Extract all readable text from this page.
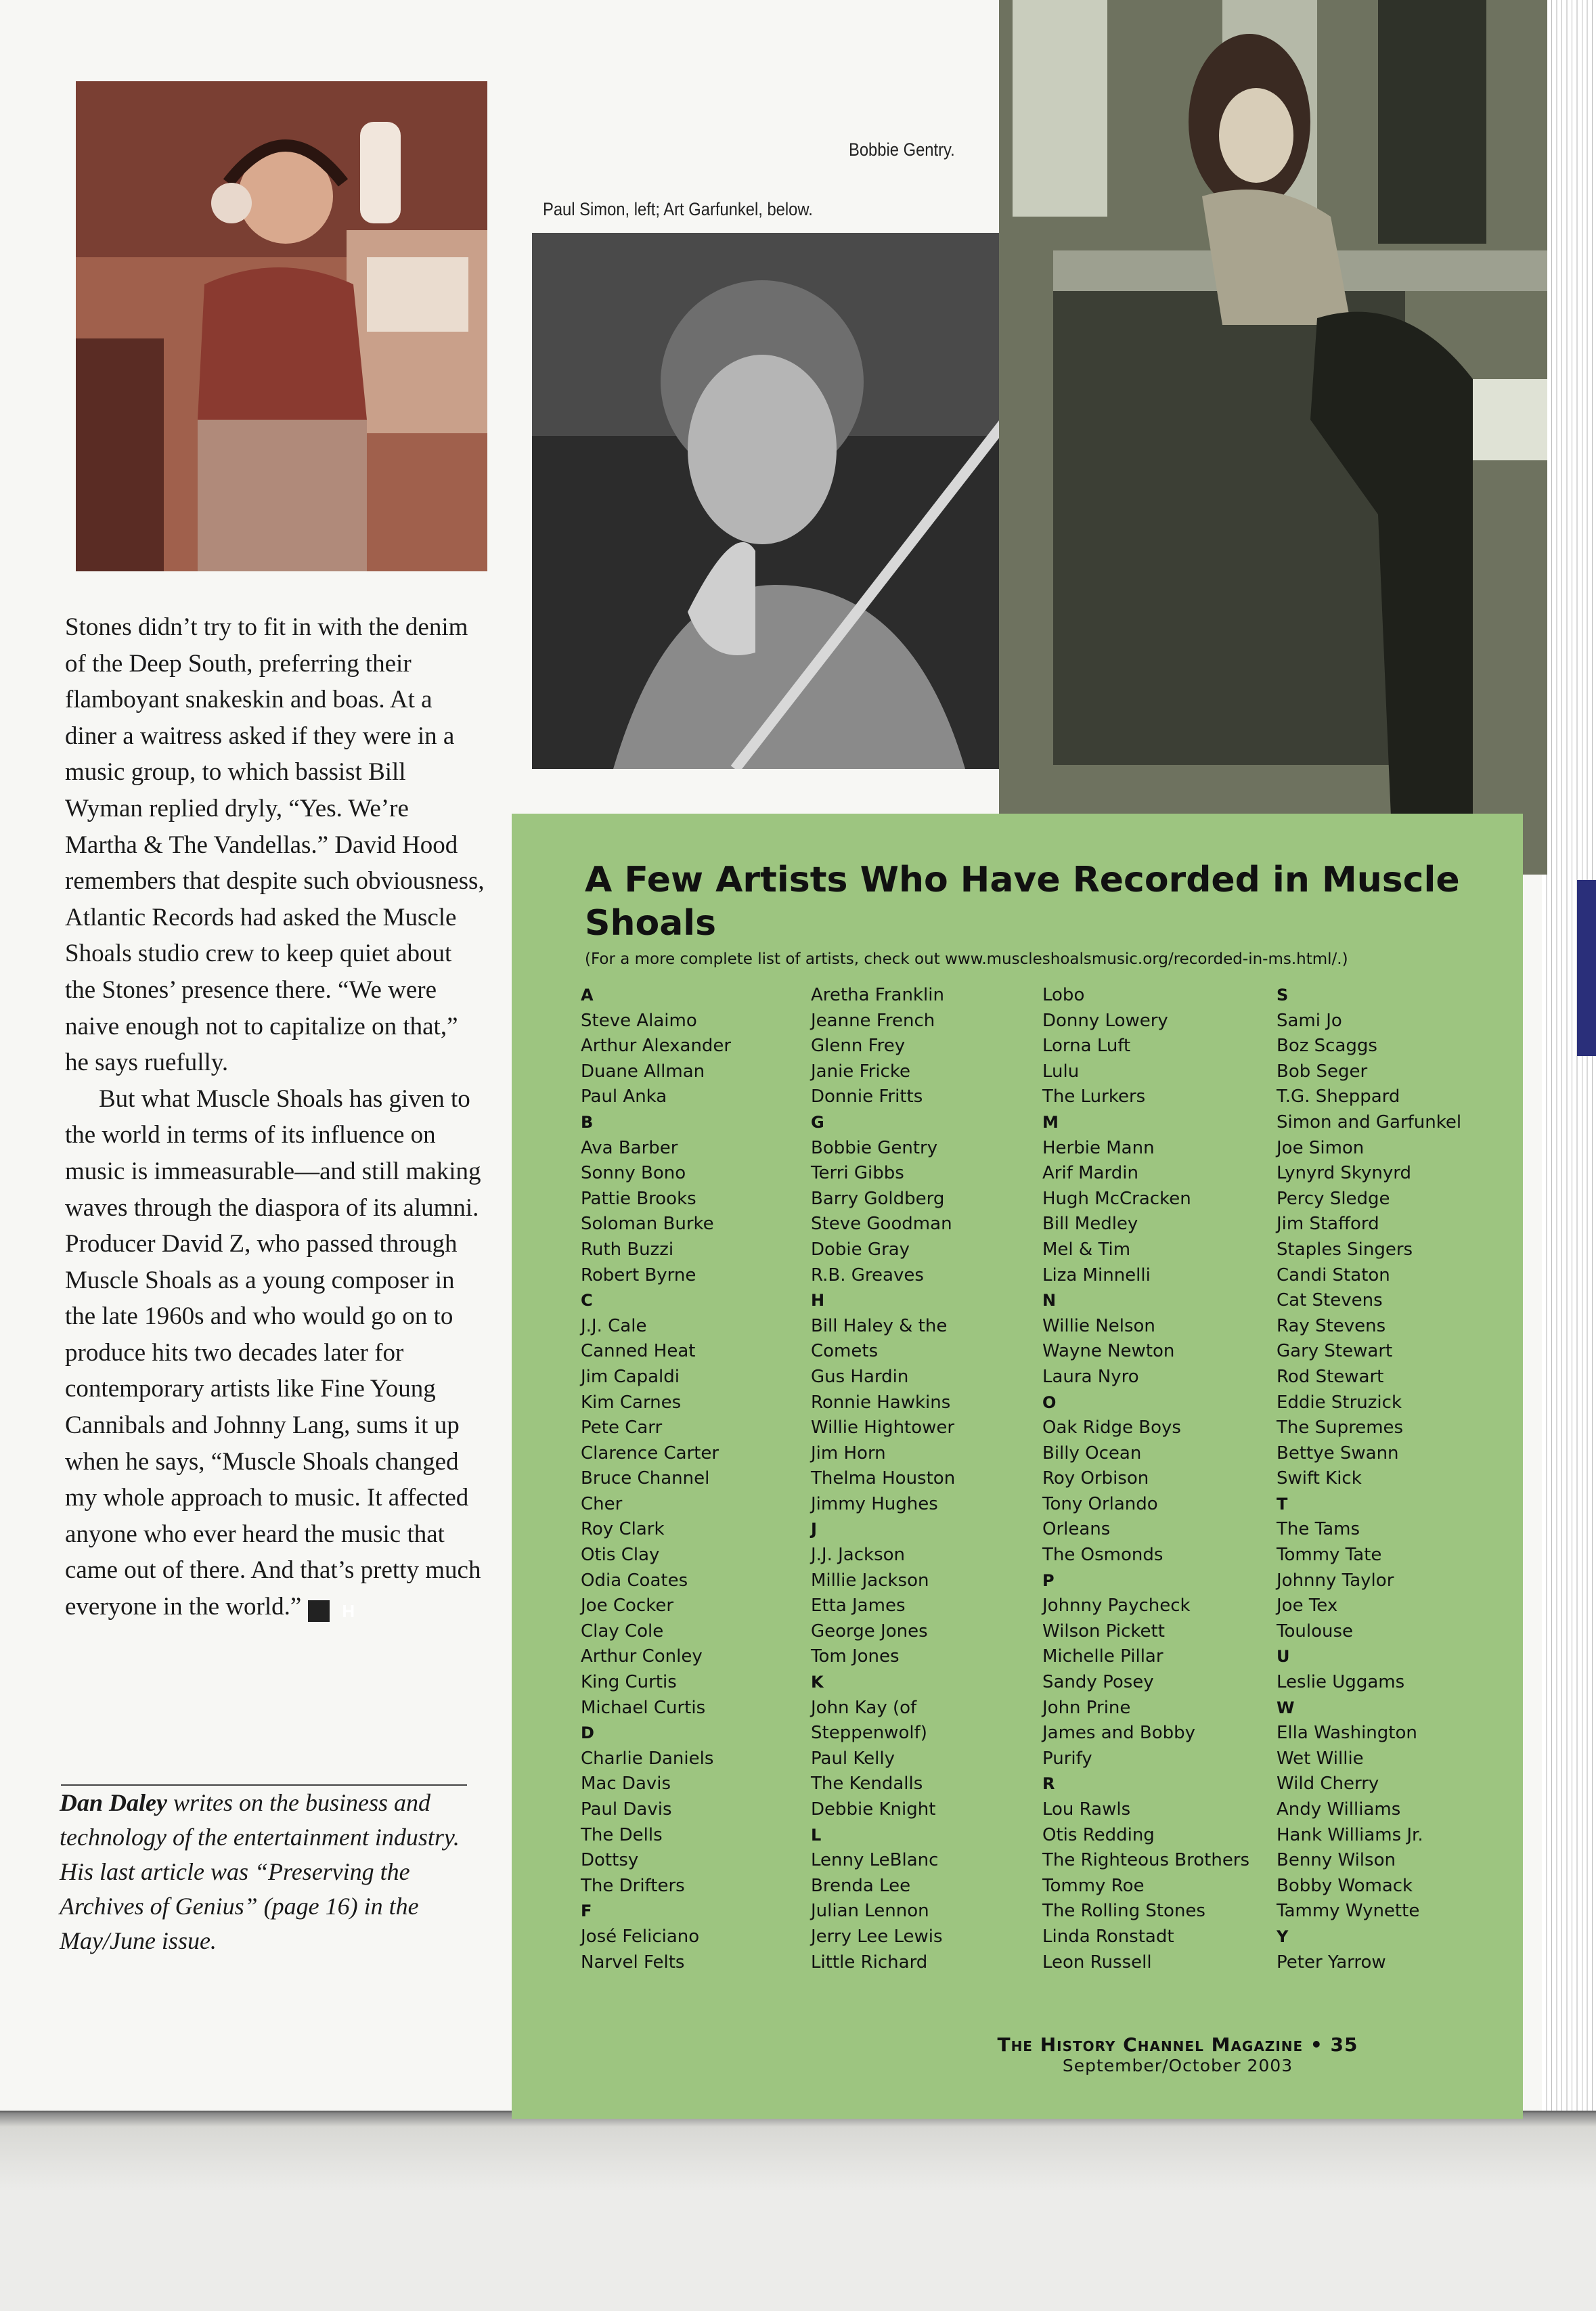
Bobbie Gentry.
Paul Simon, left; Art Garfunkel, below.

Stones didn’t try to fit in with the denim of the Deep South, preferring their flamboyant snakeskin and boas. At a diner a waitress asked if they were in a music group, to which bassist Bill Wyman replied dryly, “Yes. We’re Martha & The Vandellas.” David Hood remembers that despite such obviousness, Atlantic Records had asked the Muscle Shoals studio crew to keep quiet about the Stones’ presence there. “We were naive enough not to capitalize on that,” he says ruefully.

But what Muscle Shoals has given to the world in terms of its influence on music is immeasurable—and still making waves through the diaspora of its alumni. Producer David Z, who passed through Muscle Shoals as a young composer in the late 1960s and who would go on to produce hits two decades later for contemporary artists like Fine Young Cannibals and Johnny Lang, sums it up when he says, “Muscle Shoals changed my whole approach to music. It affected anyone who ever heard the music that came out of there. And that’s pretty much everyone in the world.” H

Dan Daley writes on the business and technology of the entertainment industry. His last article was “Preserving the Archives of Genius” (page 16) in the May/June issue.
A Few Artists Who Have Recorded in Muscle Shoals
(For a more complete list of artists, check out www.muscleshoalsmusic.org/recorded-in-ms.html/.)
A
Steve Alaimo
Arthur Alexander
Duane Allman
Paul Anka
B
Ava Barber
Sonny Bono
Pattie Brooks
Soloman Burke
Ruth Buzzi
Robert Byrne
C
J.J. Cale
Canned Heat
Jim Capaldi
Kim Carnes
Pete Carr
Clarence Carter
Bruce Channel
Cher
Roy Clark
Otis Clay
Odia Coates
Joe Cocker
Clay Cole
Arthur Conley
King Curtis
Michael Curtis
D
Charlie Daniels
Mac Davis
Paul Davis
The Dells
Dottsy
The Drifters
F
José Feliciano
Narvel Felts
Aretha Franklin
Jeanne French
Glenn Frey
Janie Fricke
Donnie Fritts
G
Bobbie Gentry
Terri Gibbs
Barry Goldberg
Steve Goodman
Dobie Gray
R.B. Greaves
H
Bill Haley & the
Comets
Gus Hardin
Ronnie Hawkins
Willie Hightower
Jim Horn
Thelma Houston
Jimmy Hughes
J
J.J. Jackson
Millie Jackson
Etta James
George Jones
Tom Jones
K
John Kay (of
Steppenwolf)
Paul Kelly
The Kendalls
Debbie Knight
L
Lenny LeBlanc
Brenda Lee
Julian Lennon
Jerry Lee Lewis
Little Richard
Lobo
Donny Lowery
Lorna Luft
Lulu
The Lurkers
M
Herbie Mann
Arif Mardin
Hugh McCracken
Bill Medley
Mel & Tim
Liza Minnelli
N
Willie Nelson
Wayne Newton
Laura Nyro
O
Oak Ridge Boys
Billy Ocean
Roy Orbison
Tony Orlando
Orleans
The Osmonds
P
Johnny Paycheck
Wilson Pickett
Michelle Pillar
Sandy Posey
John Prine
James and Bobby
Purify
R
Lou Rawls
Otis Redding
The Righteous Brothers
Tommy Roe
The Rolling Stones
Linda Ronstadt
Leon Russell
S
Sami Jo
Boz Scaggs
Bob Seger
T.G. Sheppard
Simon and Garfunkel
Joe Simon
Lynyrd Skynyrd
Percy Sledge
Jim Stafford
Staples Singers
Candi Staton
Cat Stevens
Ray Stevens
Gary Stewart
Rod Stewart
Eddie Struzick
The Supremes
Bettye Swann
Swift Kick
T
The Tams
Tommy Tate
Johnny Taylor
Joe Tex
Toulouse
U
Leslie Uggams
W
Ella Washington
Wet Willie
Wild Cherry
Andy Williams
Hank Williams Jr.
Benny Wilson
Bobby Womack
Tammy Wynette
Y
Peter Yarrow
The History Channel Magazine • 35
September/October 2003
